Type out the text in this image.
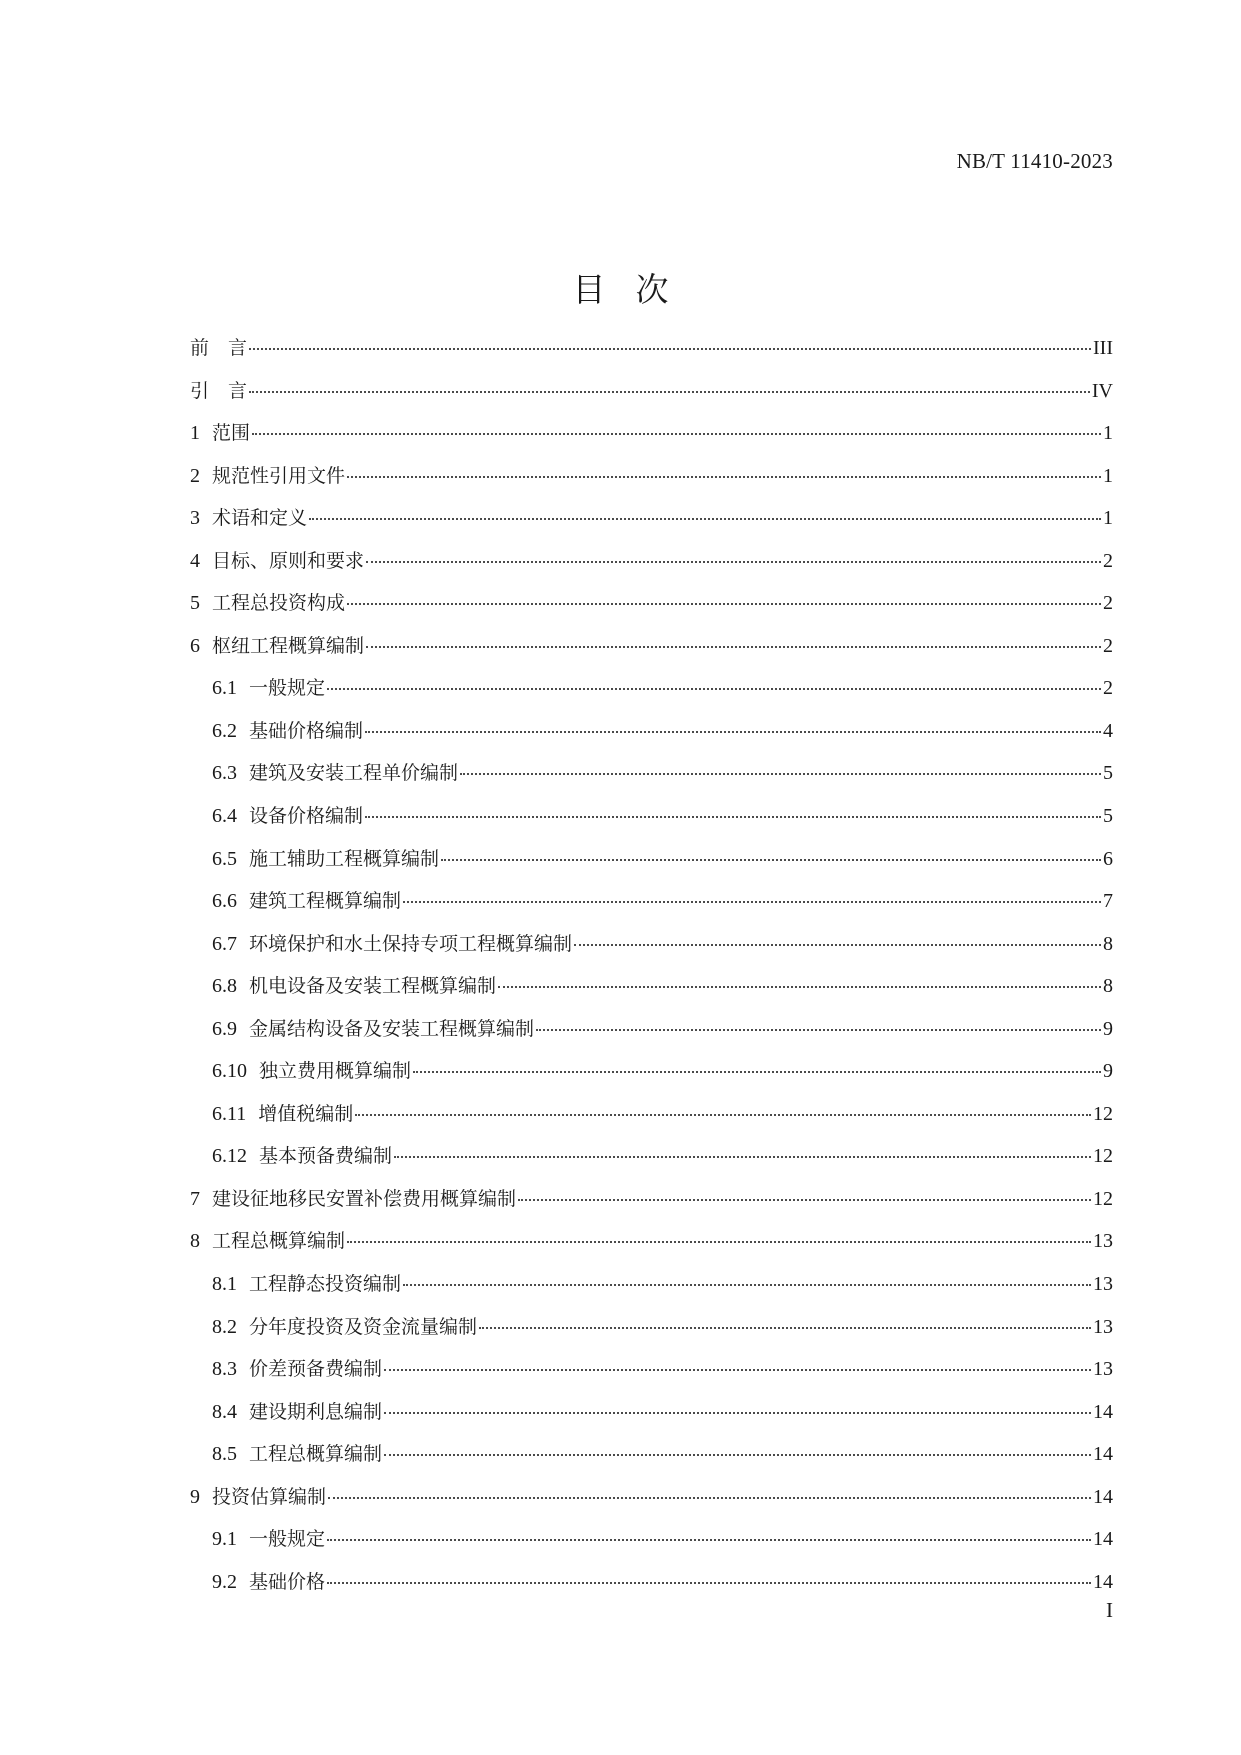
NB/T 11410-2023
目次
前　言	III
引　言	IV
1 范围	1
2 规范性引用文件	1
3 术语和定义	1
4 目标、原则和要求	2
5 工程总投资构成	2
6 枢纽工程概算编制	2
6.1 一般规定	2
6.2 基础价格编制	4
6.3 建筑及安装工程单价编制	5
6.4 设备价格编制	5
6.5 施工辅助工程概算编制	6
6.6 建筑工程概算编制	7
6.7 环境保护和水土保持专项工程概算编制	8
6.8 机电设备及安装工程概算编制	8
6.9 金属结构设备及安装工程概算编制	9
6.10 独立费用概算编制	9
6.11 增值税编制	12
6.12 基本预备费编制	12
7 建设征地移民安置补偿费用概算编制	12
8 工程总概算编制	13
8.1 工程静态投资编制	13
8.2 分年度投资及资金流量编制	13
8.3 价差预备费编制	13
8.4 建设期利息编制	14
8.5 工程总概算编制	14
9 投资估算编制	14
9.1 一般规定	14
9.2 基础价格	14
I
